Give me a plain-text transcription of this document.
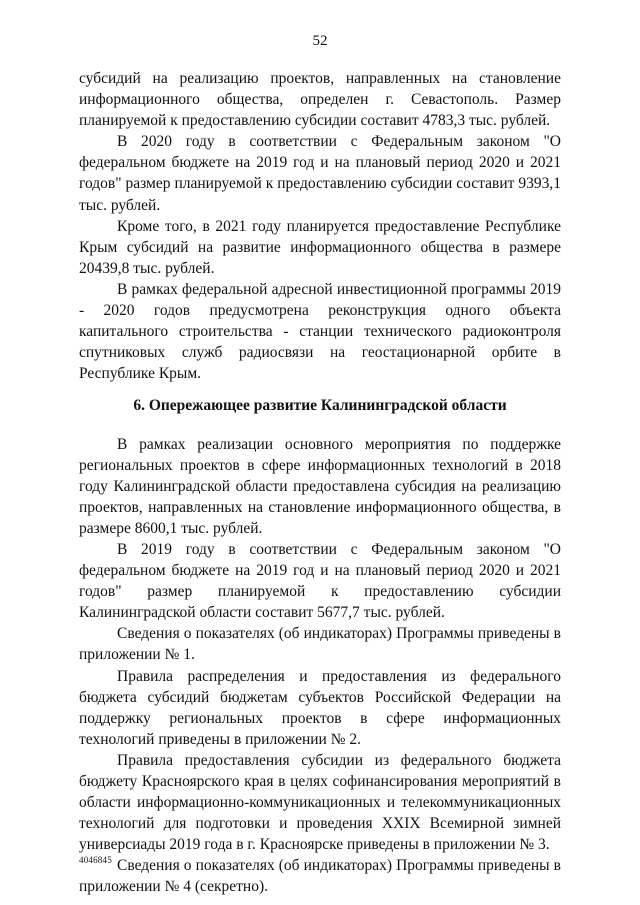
52

субсидий на реализацию проектов, направленных на становление информационного общества, определен г. Севастополь. Размер планируемой к предоставлению субсидии составит 4783,3 тыс. рублей.

В 2020 году в соответствии с Федеральным законом "О федеральном бюджете на 2019 год и на плановый период 2020 и 2021 годов" размер планируемой к предоставлению субсидии составит 9393,1 тыс. рублей.

Кроме того, в 2021 году планируется предоставление Республике Крым субсидий на развитие информационного общества в размере 20439,8 тыс. рублей.

В рамках федеральной адресной инвестиционной программы 2019 - 2020 годов предусмотрена реконструкция одного объекта капитального строительства - станции технического радиоконтроля спутниковых служб радиосвязи на геостационарной орбите в Республике Крым.

6. Опережающее развитие Калининградской области

В рамках реализации основного мероприятия по поддержке региональных проектов в сфере информационных технологий в 2018 году Калининградской области предоставлена субсидия на реализацию проектов, направленных на становление информационного общества, в размере 8600,1 тыс. рублей.

В 2019 году в соответствии с Федеральным законом "О федеральном бюджете на 2019 год и на плановый период 2020 и 2021 годов" размер планируемой к предоставлению субсидии Калининградской области составит 5677,7 тыс. рублей.

Сведения о показателях (об индикаторах) Программы приведены в приложении № 1.

Правила распределения и предоставления из федерального бюджета субсидий бюджетам субъектов Российской Федерации на поддержку региональных проектов в сфере информационных технологий приведены в приложении № 2.

Правила предоставления субсидии из федерального бюджета бюджету Красноярского края в целях софинансирования мероприятий в области информационно-коммуникационных и телекоммуникационных технологий для подготовки и проведения XXIX Всемирной зимней универсиады 2019 года в г. Красноярске приведены в приложении № 3.

Сведения о показателях (об индикаторах) Программы приведены в приложении № 4 (секретно).

4046845
